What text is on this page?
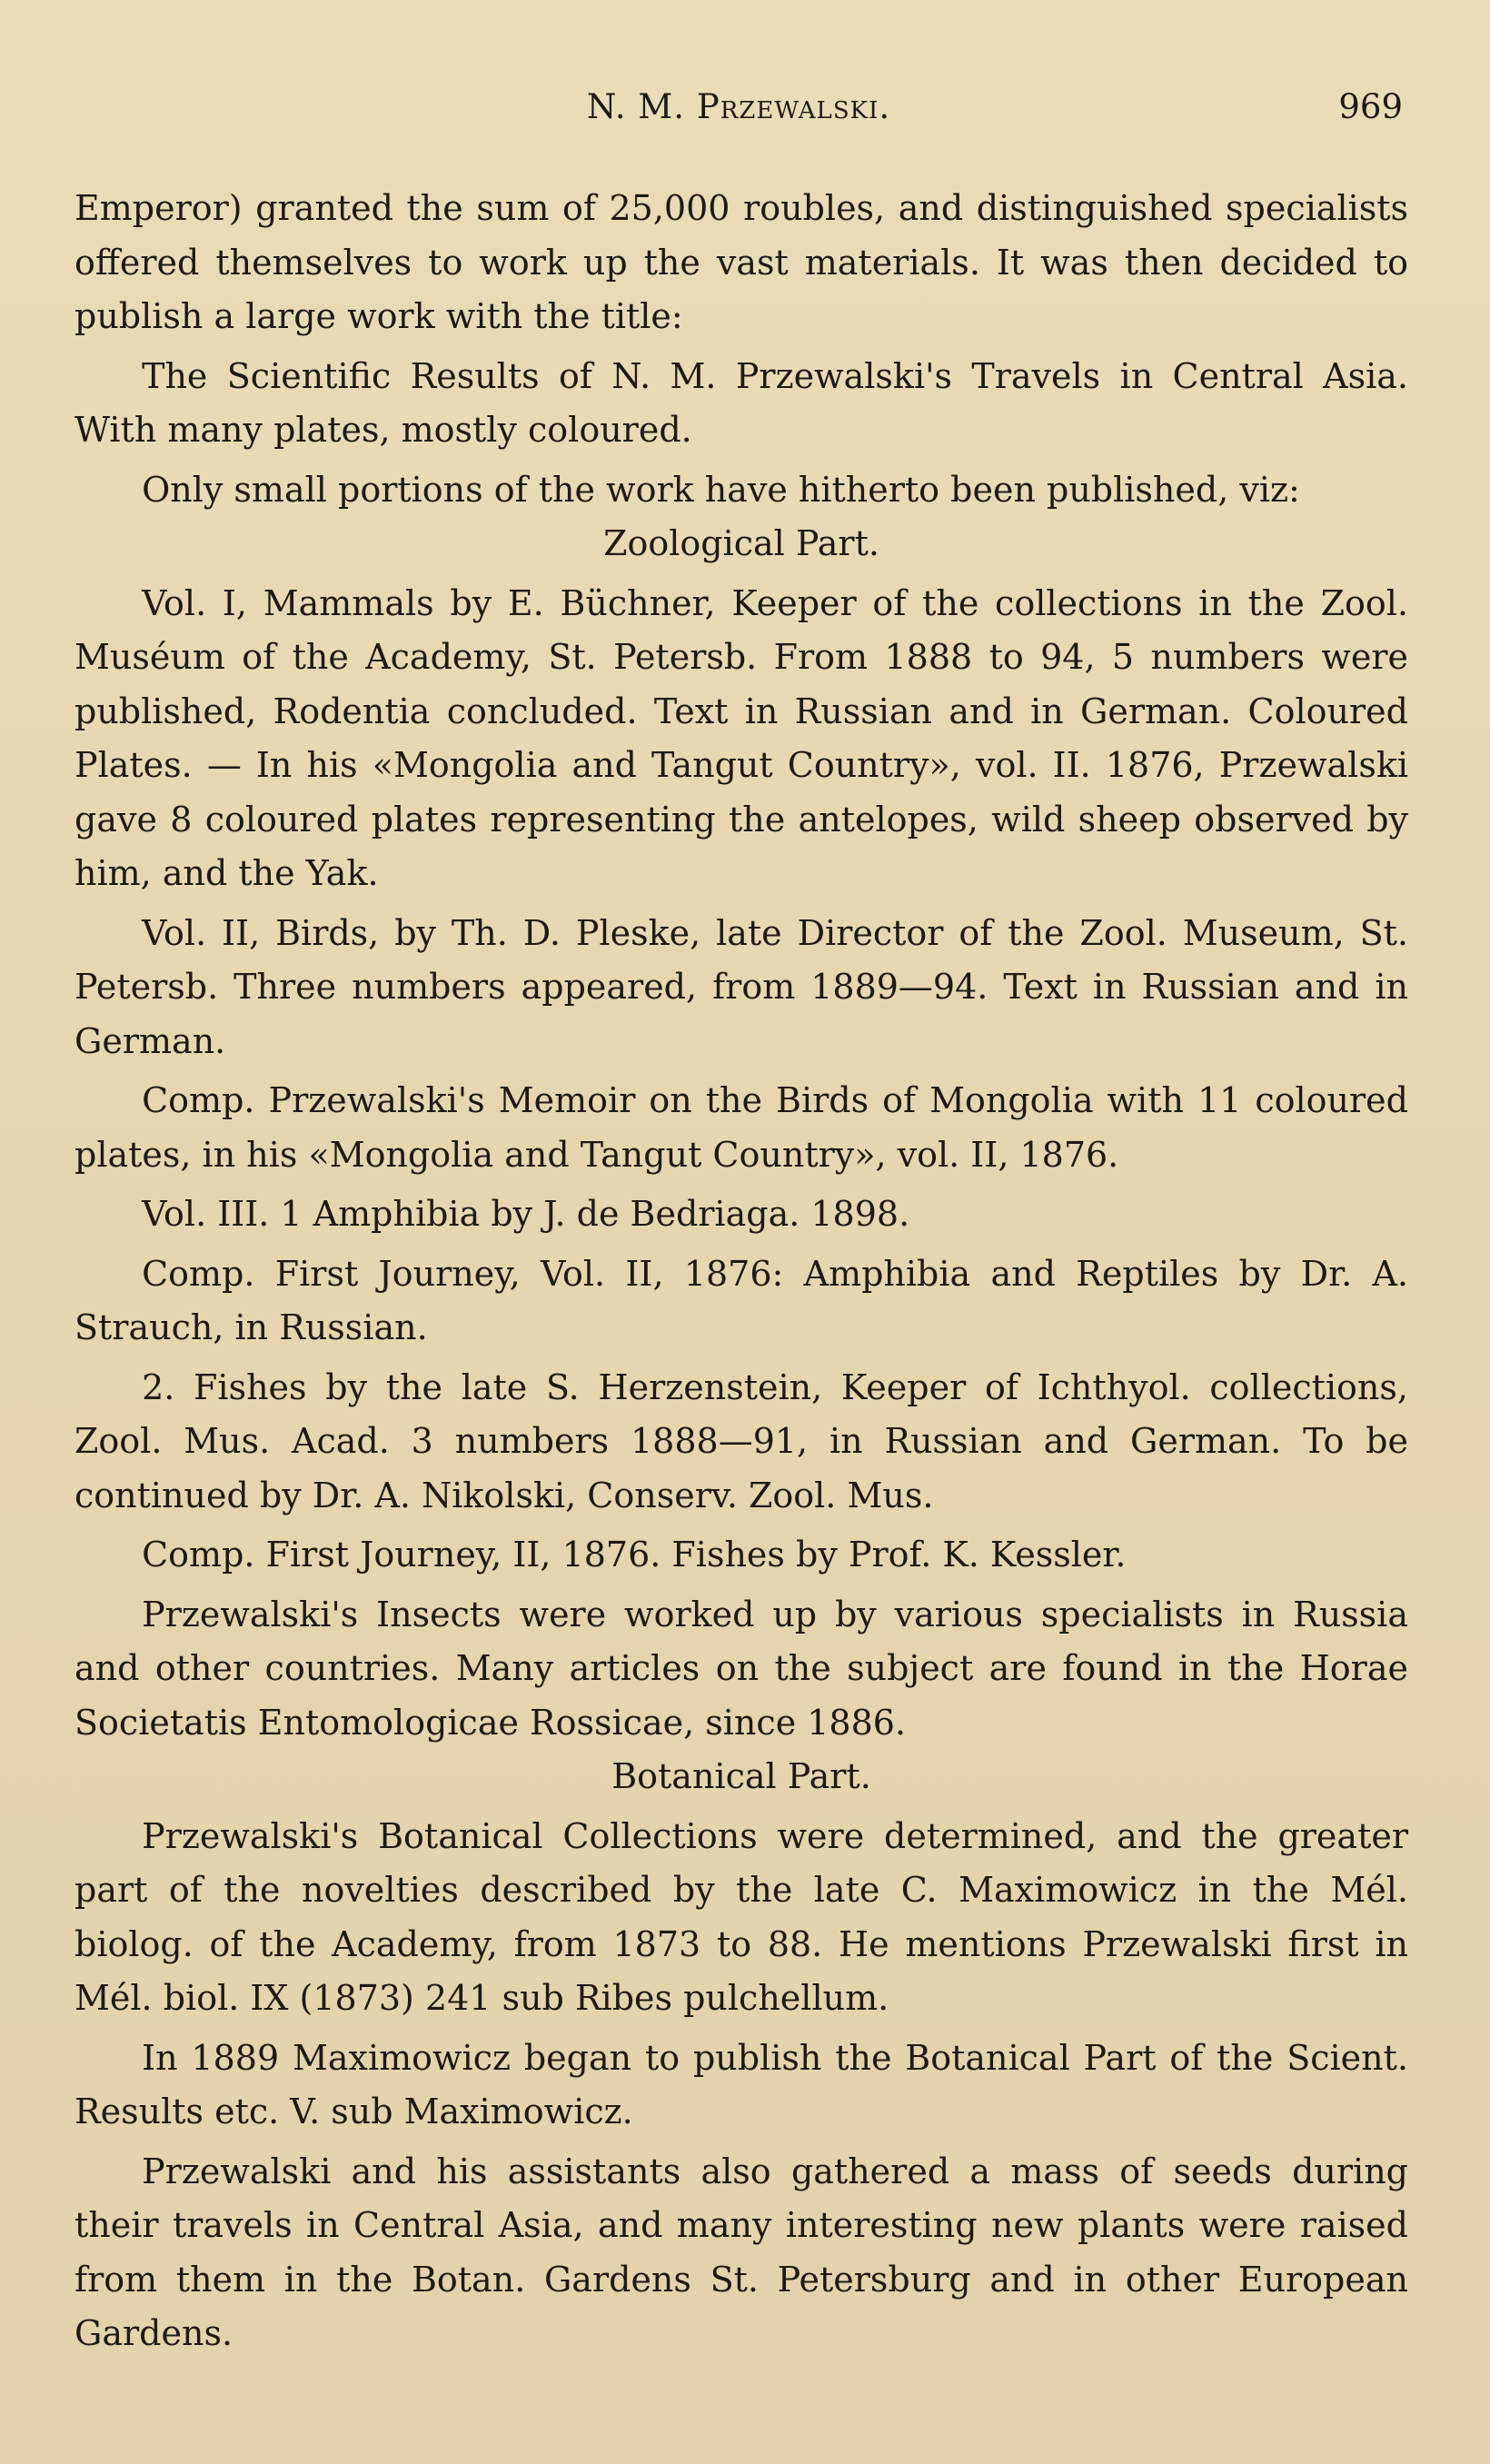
N. M. Przewalski.	969

Emperor) granted the sum of 25,000 roubles, and distinguished specialists offered themselves to work up the vast materials. It was then decided to publish a large work with the title:

The Scientific Results of N. M. Przewalski's Travels in Central Asia. With many plates, mostly coloured.

Only small portions of the work have hitherto been published, viz:

Zoological Part.

Vol. I, Mammals by E. Büchner, Keeper of the collections in the Zool. Muséum of the Academy, St. Petersb. From 1888 to 94, 5 numbers were published, Rodentia concluded. Text in Russian and in German. Coloured Plates. — In his «Mongolia and Tangut Country», vol. II. 1876, Przewalski gave 8 coloured plates representing the antelopes, wild sheep observed by him, and the Yak.

Vol. II, Birds, by Th. D. Pleske, late Director of the Zool. Museum, St. Petersb. Three numbers appeared, from 1889—94. Text in Russian and in German.

Comp. Przewalski's Memoir on the Birds of Mongolia with 11 coloured plates, in his «Mongolia and Tangut Country», vol. II, 1876.

Vol. III. 1 Amphibia by J. de Bedriaga. 1898.

Comp. First Journey, Vol. II, 1876: Amphibia and Reptiles by Dr. A. Strauch, in Russian.

2. Fishes by the late S. Herzenstein, Keeper of Ichthyol. collections, Zool. Mus. Acad. 3 numbers 1888—91, in Russian and German. To be continued by Dr. A. Nikolski, Conserv. Zool. Mus.

Comp. First Journey, II, 1876. Fishes by Prof. K. Kessler.

Przewalski's Insects were worked up by various specialists in Russia and other countries. Many articles on the subject are found in the Horae Societatis Entomologicae Rossicae, since 1886.

Botanical Part.

Przewalski's Botanical Collections were determined, and the greater part of the novelties described by the late C. Maximowicz in the Mél. biolog. of the Academy, from 1873 to 88. He mentions Przewalski first in Mél. biol. IX (1873) 241 sub Ribes pulchellum.

In 1889 Maximowicz began to publish the Botanical Part of the Scient. Results etc. V. sub Maximowicz.

Przewalski and his assistants also gathered a mass of seeds during their travels in Central Asia, and many interesting new plants were raised from them in the Botan. Gardens St. Petersburg and in other European Gardens.
